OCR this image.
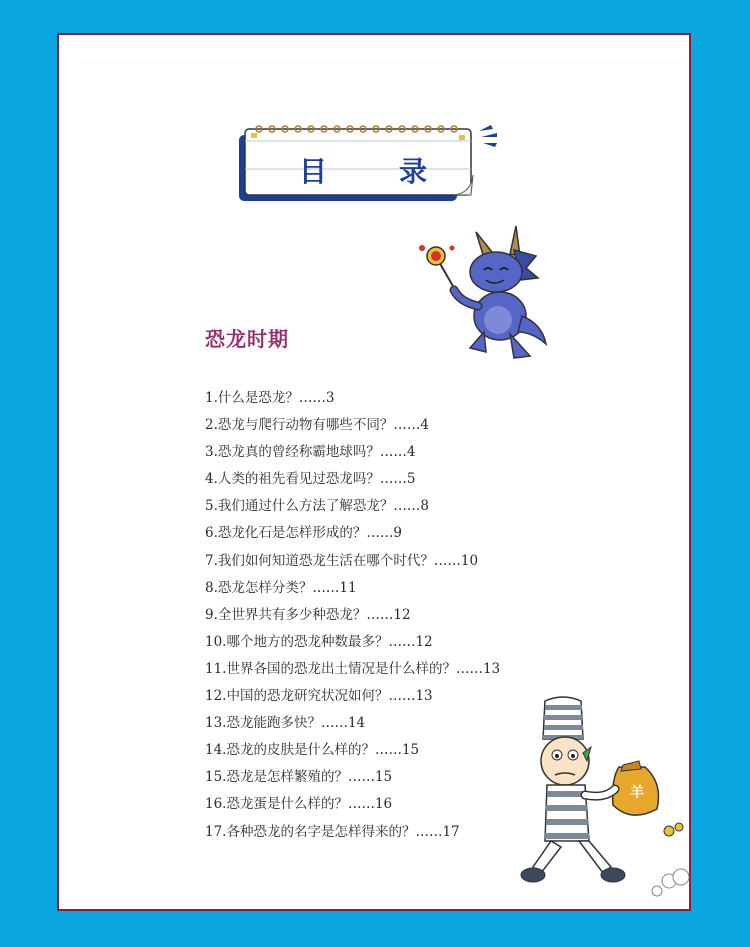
目 录
恐龙时期
1.什么是恐龙？……3
2.恐龙与爬行动物有哪些不同？……4
3.恐龙真的曾经称霸地球吗？……4
4.人类的祖先看见过恐龙吗？……5
5.我们通过什么方法了解恐龙？……8
6.恐龙化石是怎样形成的？……9
7.我们如何知道恐龙生活在哪个时代？……10
8.恐龙怎样分类？……11
9.全世界共有多少种恐龙？……12
10.哪个地方的恐龙种数最多？……12
11.世界各国的恐龙出土情况是什么样的？……13
12.中国的恐龙研究状况如何？……13
13.恐龙能跑多快？……14
14.恐龙的皮肤是什么样的？……15
15.恐龙是怎样繁殖的？……15
16.恐龙蛋是什么样的？……16
17.各种恐龙的名字是怎样得来的？……17
羊
